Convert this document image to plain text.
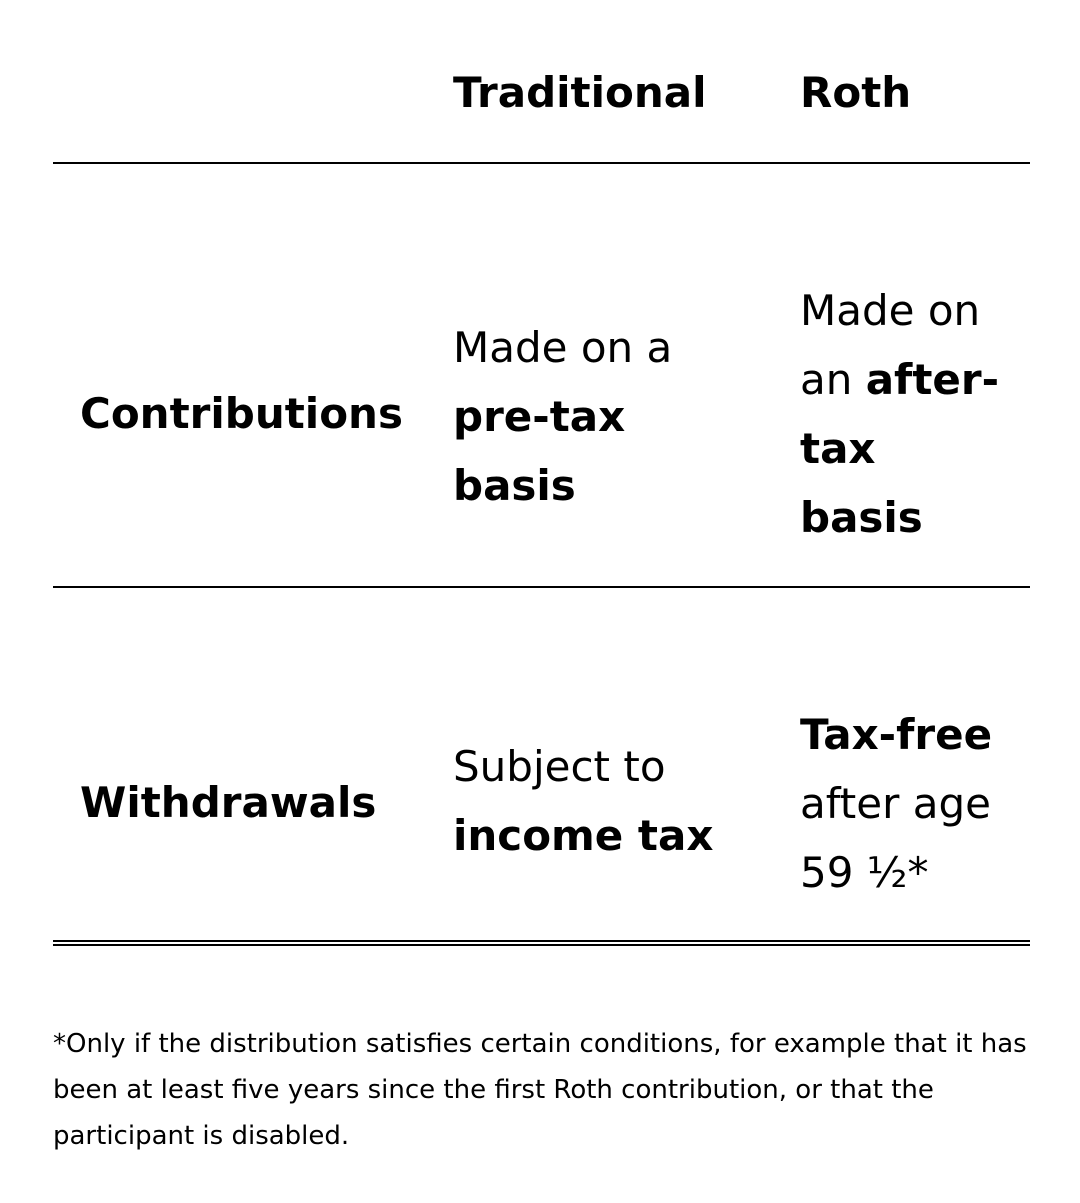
Traditional Roth
Contributions
Made on a
pre-tax
basis
Made on
an after-
tax
basis
Withdrawals
Subject to
income tax
Tax-free
after age
59 ½*
*Only if the distribution satisfies certain conditions, for example that it has been at least five years since the first Roth contribution, or that the participant is disabled.
